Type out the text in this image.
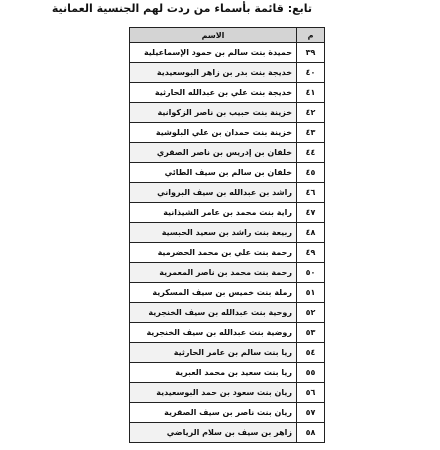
تابع: قائمة بأسماء من ردت لهم الجنسية العمانية
م	الاسم
٣٩	حميدة بنت سالم بن حمود الإسماعيلية
٤٠	خديجة بنت بدر بن زاهر البوسعيدية
٤١	خديجة بنت علي بن عبدالله الحارثية
٤٢	خزينة بنت حبيب بن ناصر الزكوانية
٤٣	خزينة بنت حمدان بن علي البلوشية
٤٤	خلفان بن إدريس بن ناصر الصقري
٤٥	خلفان بن سالم بن سيف الطائي
٤٦	راشد بن عبدالله بن سيف البرواني
٤٧	راية بنت محمد بن عامر الشيذانية
٤٨	ربيعة بنت راشد بن سعيد الحبسية
٤٩	رحمة بنت علي بن محمد الحضرمية
٥٠	رحمة بنت محمد بن ناصر المعمرية
٥١	رملة بنت خميس بن سيف المسكرية
٥٢	روحية بنت عبدالله بن سيف الخنجرية
٥٣	روضية بنت عبدالله بن سيف الخنجرية
٥٤	ريا بنت سالم بن عامر الحارثية
٥٥	ريا بنت سعيد بن محمد العبرية
٥٦	ريان بنت سعود بن حمد البوسعيدية
٥٧	ريان بنت ناصر بن سيف الصقرية
٥٨	زاهر بن سيف بن سلام الرياضي
